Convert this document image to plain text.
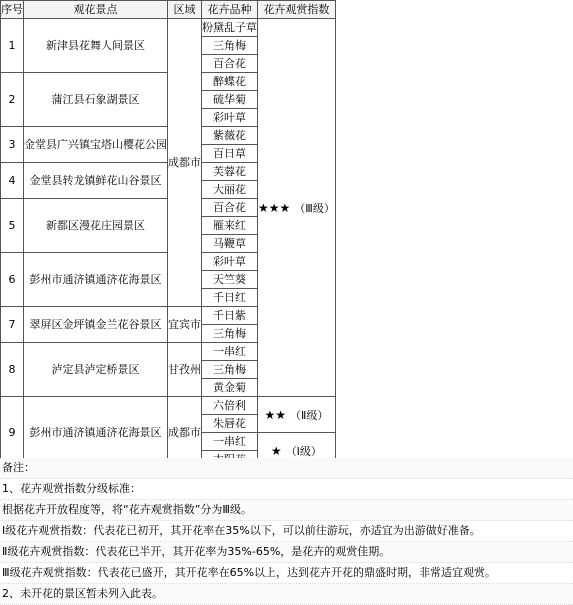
序号	观花景点	区域	花卉品种	花卉观赏指数
1	新津县花舞人间景区	成都市	粉黛乱子草	★★★ （Ⅲ级）
			三角梅	
			百合花	
2	蒲江县石象湖景区		醉蝶花	
			硫华菊	
			彩叶草	
3	金堂县广兴镇宝塔山樱花公园		紫薇花	
			百日草	
4	金堂县转龙镇鲜花山谷景区		芙蓉花	
			大丽花	
5	新都区漫花庄园景区		百合花	
			雁来红	
			马鞭草	
6	彭州市通济镇通济花海景区		彩叶草	
			天竺葵	
			千日红	
7	翠屏区金坪镇金兰花谷景区	宜宾市	千日紫	
			三角梅	
8	泸定县泸定桥景区	甘孜州	一串红	
			三角梅	
			黄金菊	
9	彭州市通济镇通济花海景区	成都市	六倍利	★★ （Ⅱ级）
			朱唇花	
			一串红	★ （Ⅰ级）

备注：
1、花卉观赏指数分级标准：
根据花卉开放程度等，将“花卉观赏指数”分为Ⅲ级。
Ⅰ级花卉观赏指数：代表花已初开，其开花率在35%以下，可以前往游玩，亦适宜为出游做好准备。
Ⅱ级花卉观赏指数：代表花已半开，其开花率为35%-65%，是花卉的观赏佳期。
Ⅲ级花卉观赏指数：代表花已盛开，其开花率在65%以上，达到花卉开花的鼎盛时期，非常适宜观赏。
2、未开花的景区暂未列入此表。
